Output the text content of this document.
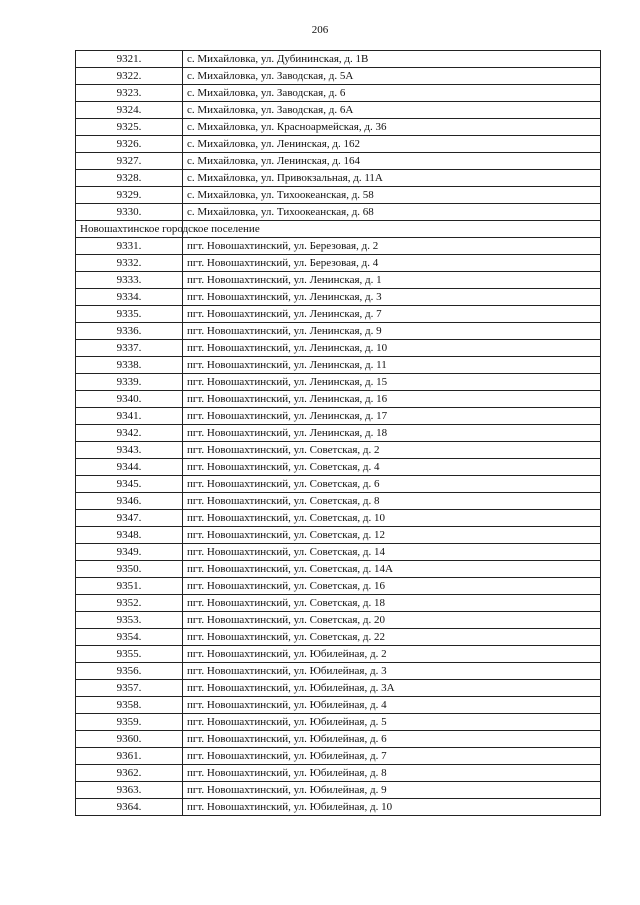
206
9321.	с. Михайловка, ул. Дубининская, д. 1В
9322.	с. Михайловка, ул. Заводская, д. 5А
9323.	с. Михайловка, ул. Заводская, д. 6
9324.	с. Михайловка, ул. Заводская, д. 6А
9325.	с. Михайловка, ул. Красноармейская, д. 36
9326.	с. Михайловка, ул. Ленинская, д. 162
9327.	с. Михайловка, ул. Ленинская, д. 164
9328.	с. Михайловка, ул. Привокзальная, д. 11А
9329.	с. Михайловка, ул. Тихоокеанская, д. 58
9330.	с. Михайловка, ул. Тихоокеанская, д. 68
Новошахтинское городское поселение	
9331.	пгт. Новошахтинский, ул. Березовая, д. 2
9332.	пгт. Новошахтинский, ул. Березовая, д. 4
9333.	пгт. Новошахтинский, ул. Ленинская, д. 1
9334.	пгт. Новошахтинский, ул. Ленинская, д. 3
9335.	пгт. Новошахтинский, ул. Ленинская, д. 7
9336.	пгт. Новошахтинский, ул. Ленинская, д. 9
9337.	пгт. Новошахтинский, ул. Ленинская, д. 10
9338.	пгт. Новошахтинский, ул. Ленинская, д. 11
9339.	пгт. Новошахтинский, ул. Ленинская, д. 15
9340.	пгт. Новошахтинский, ул. Ленинская, д. 16
9341.	пгт. Новошахтинский, ул. Ленинская, д. 17
9342.	пгт. Новошахтинский, ул. Ленинская, д. 18
9343.	пгт. Новошахтинский, ул. Советская, д. 2
9344.	пгт. Новошахтинский, ул. Советская, д. 4
9345.	пгт. Новошахтинский, ул. Советская, д. 6
9346.	пгт. Новошахтинский, ул. Советская, д. 8
9347.	пгт. Новошахтинский, ул. Советская, д. 10
9348.	пгт. Новошахтинский, ул. Советская, д. 12
9349.	пгт. Новошахтинский, ул. Советская, д. 14
9350.	пгт. Новошахтинский, ул. Советская, д. 14А
9351.	пгт. Новошахтинский, ул. Советская, д. 16
9352.	пгт. Новошахтинский, ул. Советская, д. 18
9353.	пгт. Новошахтинский, ул. Советская, д. 20
9354.	пгт. Новошахтинский, ул. Советская, д. 22
9355.	пгт. Новошахтинский, ул. Юбилейная, д. 2
9356.	пгт. Новошахтинский, ул. Юбилейная, д. 3
9357.	пгт. Новошахтинский, ул. Юбилейная, д. 3А
9358.	пгт. Новошахтинский, ул. Юбилейная, д. 4
9359.	пгт. Новошахтинский, ул. Юбилейная, д. 5
9360.	пгт. Новошахтинский, ул. Юбилейная, д. 6
9361.	пгт. Новошахтинский, ул. Юбилейная, д. 7
9362.	пгт. Новошахтинский, ул. Юбилейная, д. 8
9363.	пгт. Новошахтинский, ул. Юбилейная, д. 9
9364.	пгт. Новошахтинский, ул. Юбилейная, д. 10
